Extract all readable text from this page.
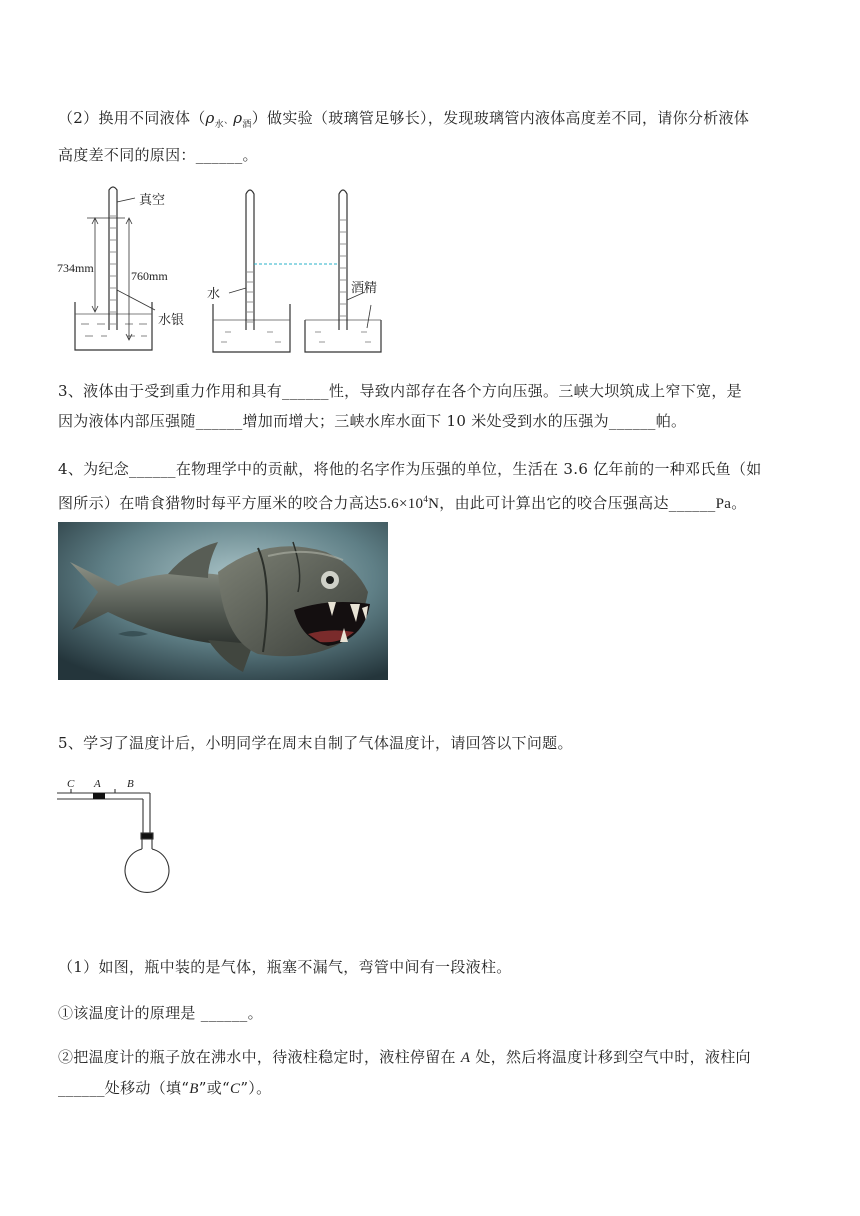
（2）换用不同液体（$\rho_水$、$\rho_酒$）做实验（玻璃管足够长），发现玻璃管内液体高度差不同，请你分析液体
高度差不同的原因：______。
真空
734mm
760mm
水银
水	酒精
3、液体由于受到重力作用和具有______性，导致内部存在各个方向压强。三峡大坝筑成上窄下宽，是
因为液体内部压强随______增加而增大；三峡水库水面下 10 米处受到水的压强为______帕。
4、为纪念______在物理学中的贡献，将他的名字作为压强的单位，生活在 3.6 亿年前的一种邓氏鱼（如
图所示）在啃食猎物时每平方厘米的咬合力高达$5.6\times 10^4N$，由此可计算出它的咬合压强高达______Pa。
5、学习了温度计后，小明同学在周末自制了气体温度计，请回答以下问题。
C A B
（1）如图，瓶中装的是气体，瓶塞不漏气，弯管中间有一段液柱。
①该温度计的原理是 ______。
②把温度计的瓶子放在沸水中，待液柱稳定时，液柱停留在 A 处，然后将温度计移到空气中时，液柱向
______处移动（填“B”或“C”）。
